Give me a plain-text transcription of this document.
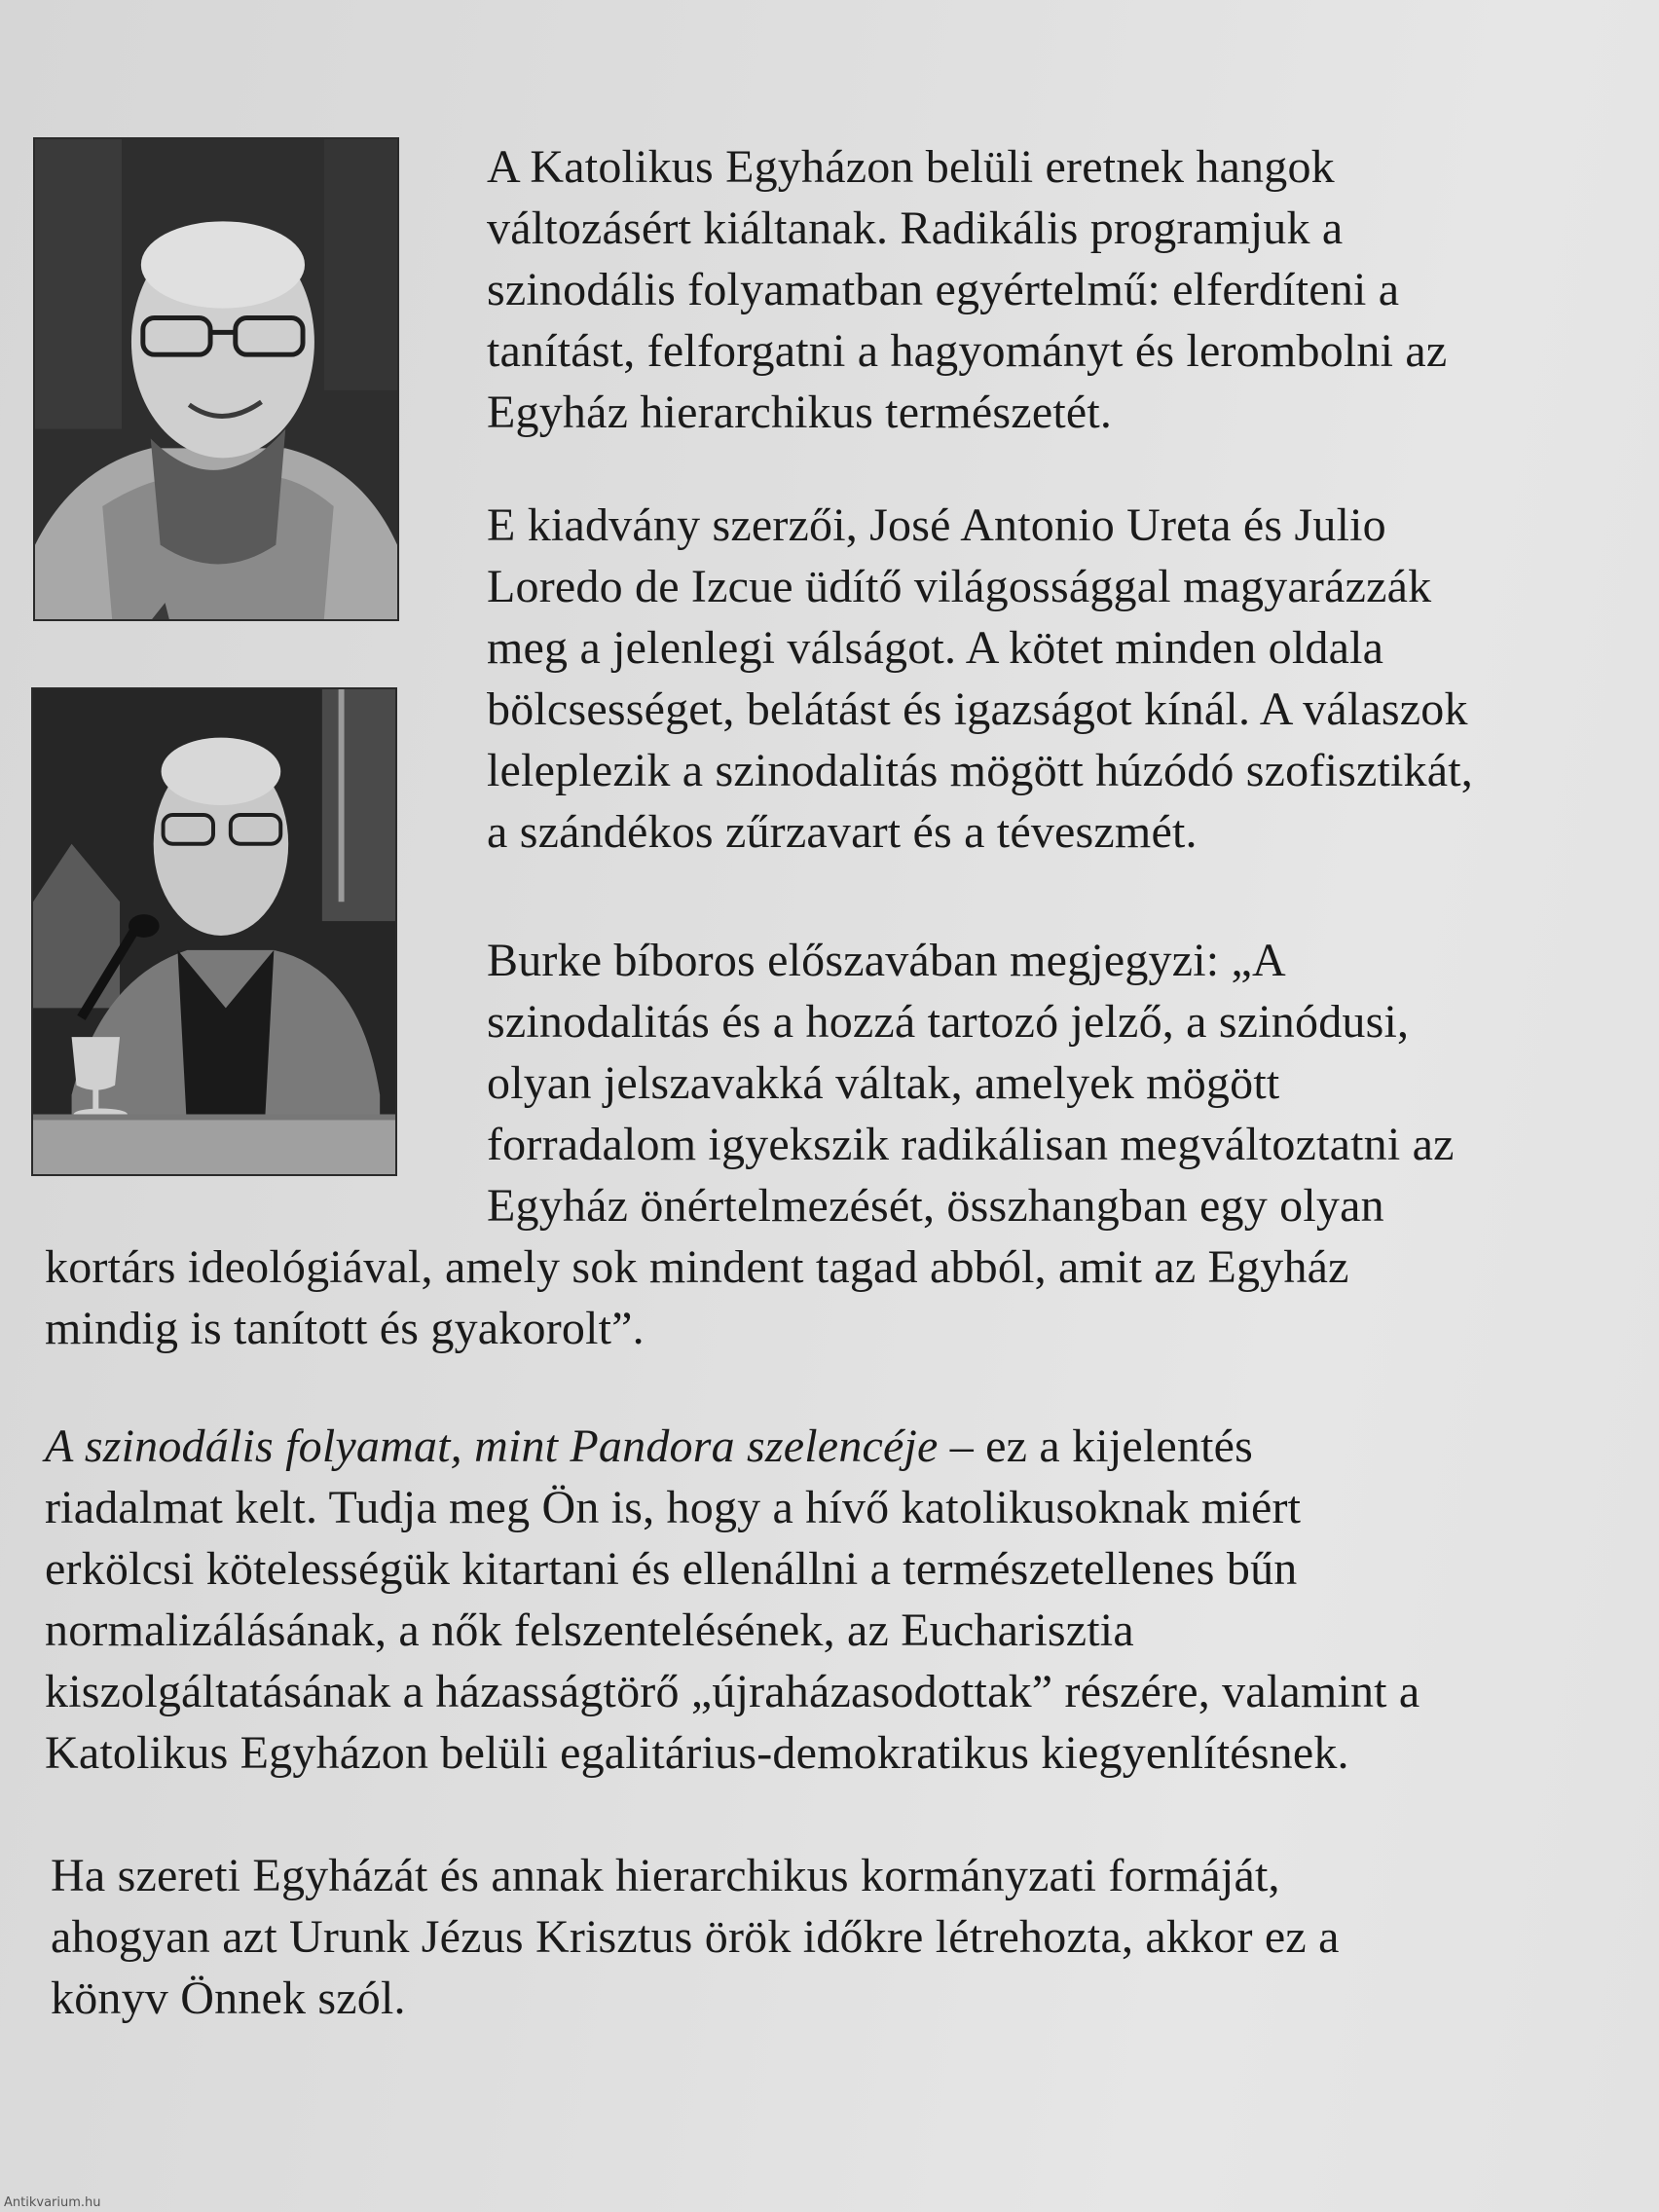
A Katolikus Egyházon belüli eretnek hangok
változásért kiáltanak. Radikális programjuk a
szinodális folyamatban egyértelmű: elferdíteni a
tanítást, felforgatni a hagyományt és lerombolni az
Egyház hierarchikus természetét.
E kiadvány szerzői, José Antonio Ureta és Julio
Loredo de Izcue üdítő világossággal magyarázzák
meg a jelenlegi válságot. A kötet minden oldala
bölcsességet, belátást és igazságot kínál. A válaszok
leleplezik a szinodalitás mögött húzódó szofisztikát,
a szándékos zűrzavart és a téveszmét.
Burke bíboros előszavában megjegyzi: „A
szinodalitás és a hozzá tartozó jelző, a szinódusi,
olyan jelszavakká váltak, amelyek mögött
forradalom igyekszik radikálisan megváltoztatni az
Egyház önértelmezését, összhangban egy olyan
kortárs ideológiával, amely sok mindent tagad abból, amit az Egyház
mindig is tanított és gyakorolt”.
A szinodális folyamat, mint Pandora szelencéje – ez a kijelentés
riadalmat kelt. Tudja meg Ön is, hogy a hívő katolikusoknak miért
erkölcsi kötelességük kitartani és ellenállni a természetellenes bűn
normalizálásának, a nők felszentelésének, az Eucharisztia
kiszolgáltatásának a házasságtörő „újraházasodottak” részére, valamint a
Katolikus Egyházon belüli egalitárius-demokratikus kiegyenlítésnek.
Ha szereti Egyházát és annak hierarchikus kormányzati formáját,
ahogyan azt Urunk Jézus Krisztus örök időkre létrehozta, akkor ez a
könyv Önnek szól.
Antikvarium.hu
